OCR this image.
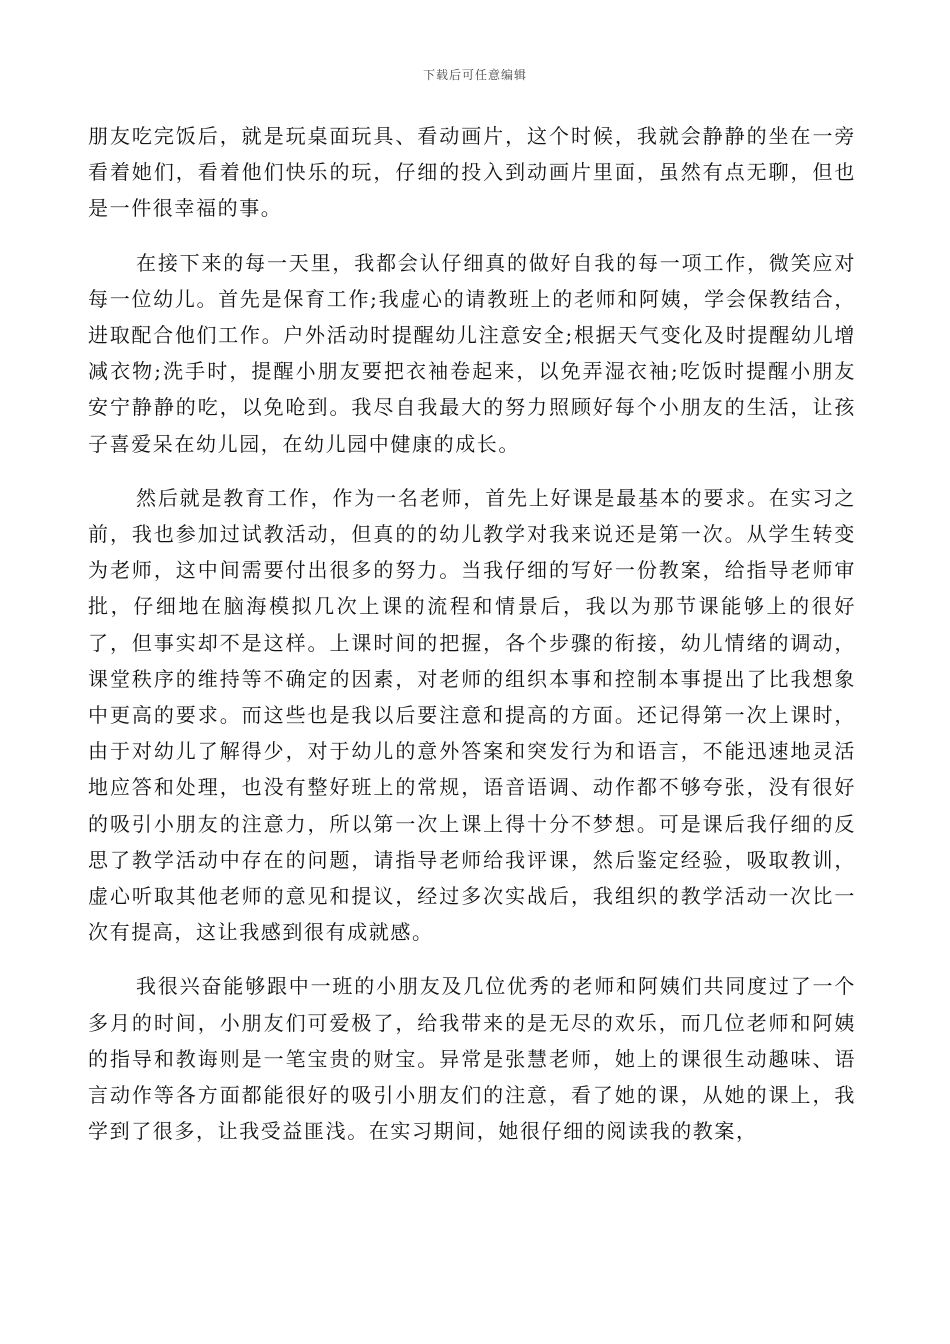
下载后可任意编辑

朋友吃完饭后，就是玩桌面玩具、看动画片，这个时候，我就会静静的坐在一旁看着她们，看着他们快乐的玩，仔细的投入到动画片里面，虽然有点无聊，但也是一件很幸福的事。

在接下来的每一天里，我都会认仔细真的做好自我的每一项工作，微笑应对每一位幼儿。首先是保育工作;我虚心的请教班上的老师和阿姨，学会保教结合，进取配合他们工作。户外活动时提醒幼儿注意安全;根据天气变化及时提醒幼儿增减衣物;洗手时，提醒小朋友要把衣袖卷起来，以免弄湿衣袖;吃饭时提醒小朋友安宁静静的吃，以免呛到。我尽自我最大的努力照顾好每个小朋友的生活，让孩子喜爱呆在幼儿园，在幼儿园中健康的成长。

然后就是教育工作，作为一名老师，首先上好课是最基本的要求。在实习之前，我也参加过试教活动，但真的的幼儿教学对我来说还是第一次。从学生转变为老师，这中间需要付出很多的努力。当我仔细的写好一份教案，给指导老师审批，仔细地在脑海模拟几次上课的流程和情景后，我以为那节课能够上的很好了，但事实却不是这样。上课时间的把握，各个步骤的衔接，幼儿情绪的调动，课堂秩序的维持等不确定的因素，对老师的组织本事和控制本事提出了比我想象中更高的要求。而这些也是我以后要注意和提高的方面。还记得第一次上课时，由于对幼儿了解得少，对于幼儿的意外答案和突发行为和语言，不能迅速地灵活地应答和处理，也没有整好班上的常规，语音语调、动作都不够夸张，没有很好的吸引小朋友的注意力，所以第一次上课上得十分不梦想。可是课后我仔细的反思了教学活动中存在的问题，请指导老师给我评课，然后鉴定经验，吸取教训，虚心听取其他老师的意见和提议，经过多次实战后，我组织的教学活动一次比一次有提高，这让我感到很有成就感。

我很兴奋能够跟中一班的小朋友及几位优秀的老师和阿姨们共同度过了一个多月的时间，小朋友们可爱极了，给我带来的是无尽的欢乐，而几位老师和阿姨的指导和教诲则是一笔宝贵的财宝。异常是张慧老师，她上的课很生动趣味、语言动作等各方面都能很好的吸引小朋友们的注意，看了她的课，从她的课上，我学到了很多，让我受益匪浅。在实习期间，她很仔细的阅读我的教案，
